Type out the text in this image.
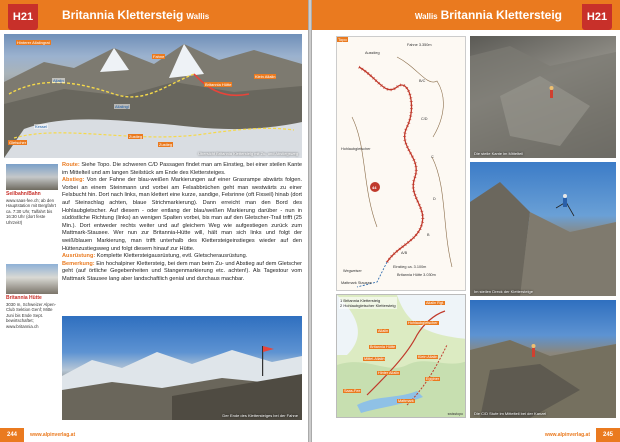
H21	Britannia Klettersteig Wallis
Hinterer Allalingrat
Fahne
Britannia Hütte
Klein Allalin
Allalin
Allalingl
Kessel
Gletscher
Zustieg
Zustieg
Übersicht Britannia Klettersteig mit Zu- und Abstiegsweg
Seilbahn/Bahn
www.saas-fee.ch; ab den Hauptstation mit Bergfahrt ca. 7:30 Uhr, Talfahrt bis 16:30 Uhr (dort feste Uhrzeit!)
Britannia Hütte
3030 m, Schweizer Alpen-Club Sektion Genf; Mitte Juni bis Ende Sept. bewirtschaftet; www.britannia.ch

Route: Siehe Topo. Die schweren C/D Passagen findet man am Einstieg, bei einer steilen Kante im Mittelteil und am langen Steilstück am Ende des Klettersteiges.

Abstieg: Von der Fahne der blau-weißen Markierungen auf einer Grasrampe abwärts folgen. Vorbei an einem Steinmann und vorbei am Felsabbrüchen geht man westwärts zu einer Felsbucht hin. Dort nach links, man klettert eine kurze, sandige, Felsrinne (oft Fixseil) hinab (dort auf Steinschlag achten, blaue Strichmarkierung). Dann erreicht man den Bord des Hohlaubgletscher. Auf diesem - oder entlang der blau/weißen Markierung darüber - nun in südöstliche Richtung (links) an wenigen Spalten vorbei, bis man auf den Gletscher-Trail trifft (25 Min.). Dort entweder rechts weiter und auf gleichem Weg wie aufgestiegen zurück zum Mattmark-Stausee. Wer nun zur Britannia-Hütte will, hält man sich links und folgt der weiß/blauen Markierung, man trifft unterhalb des Klettersteigeinstieges wieder auf den Hüttenzustiegsweg und folgt diesem hinauf zur Hütte.

Ausrüstung: Komplette Klettersteigausrüstung, evtl. Gletscherausrüstung.

Bemerkung: Ein hochalpiner Klettersteig, bei dem man beim Zu- und Abstieg auf dem Gletscher geht (auf örtliche Gegebenheiten und Stangenmarkierung etc. achten!). Als Tagestour vom Mattmark Stausee lang aber landschaftlich genial und durchaus machbar.

Der Ende des Klettersteiges bei der Fahne
244	www.alpinverlag.at
Wallis Britannia Klettersteig	H21
Topo
Fahne 3.350m
Ausstieg
B/C
C/D
C
D
B
A/B
Hohlaubgletscher
Einstieg ca. 3.100m
Britannia Hütte 3.030m
Wegweiser
Mattmark Stausee
44
1 Britannia Klettersteig
2 Hohlaubgletscher Klettersteig	Allalin Rgt.
Hohlaubgletscher
Allalin
Britannia Hütte
Mittel-Allalin
Hinter Allalin
Klein Allalin
Egginer
Saas-Fee
Mattmark
swisstopo
Die steile Kante im Mittelteil
Im steilen Dreck der Klettersteige
Die C/D Stufe im Mittelteil bei der Kanzel
www.alpinverlag.at	245
